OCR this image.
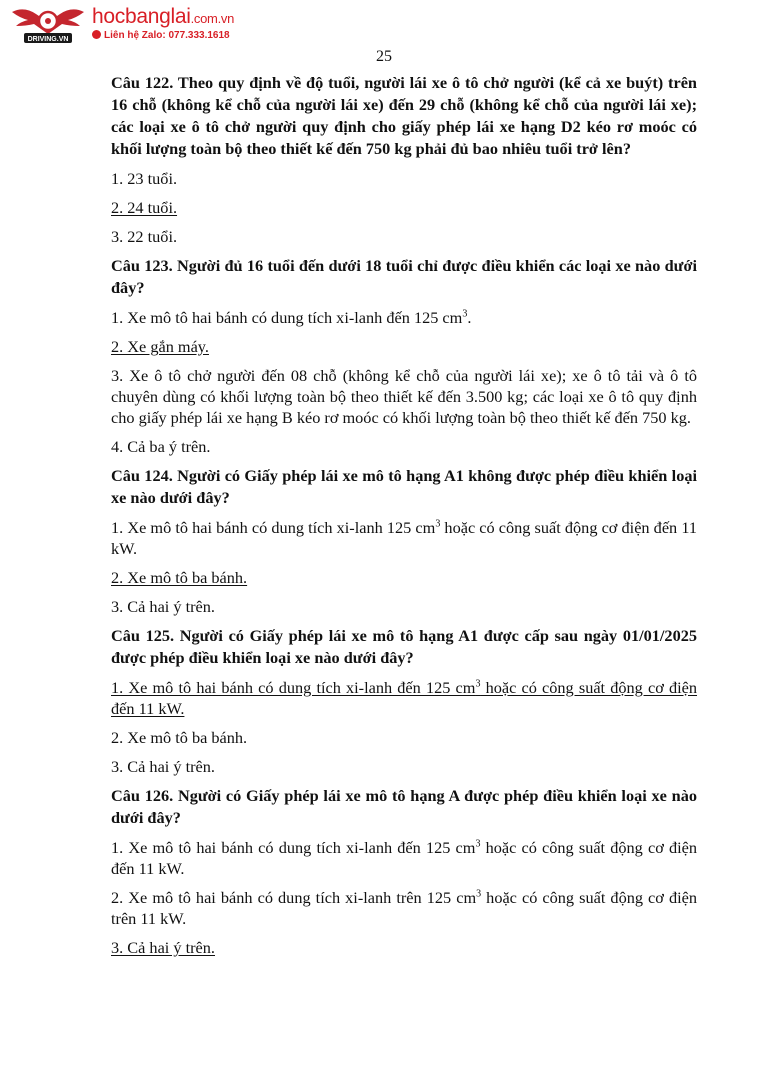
DRIVING.VN
hocbanglai.com.vn
Liên hệ Zalo: 077.333.1618
25

Câu 122. Theo quy định về độ tuổi, người lái xe ô tô chở người (kể cả xe buýt) trên 16 chỗ (không kể chỗ của người lái xe) đến 29 chỗ (không kể chỗ của người lái xe); các loại xe ô tô chở người quy định cho giấy phép lái xe hạng D2 kéo rơ moóc có khối lượng toàn bộ theo thiết kế đến 750 kg phải đủ bao nhiêu tuổi trở lên?

1. 23 tuổi.

2. 24 tuổi.

3. 22 tuổi.

Câu 123. Người đủ 16 tuổi đến dưới 18 tuổi chỉ được điều khiển các loại xe nào dưới đây?

1. Xe mô tô hai bánh có dung tích xi-lanh đến 125 $cm^3$.

2. Xe gắn máy.

3. Xe ô tô chở người đến 08 chỗ (không kể chỗ của người lái xe); xe ô tô tải và ô tô chuyên dùng có khối lượng toàn bộ theo thiết kế đến 3.500 kg; các loại xe ô tô quy định cho giấy phép lái xe hạng B kéo rơ moóc có khối lượng toàn bộ theo thiết kế đến 750 kg.

4. Cả ba ý trên.

Câu 124. Người có Giấy phép lái xe mô tô hạng A1 không được phép điều khiển loại xe nào dưới đây?

1. Xe mô tô hai bánh có dung tích xi-lanh 125 $cm^3$ hoặc có công suất động cơ điện đến 11 kW.

2. Xe mô tô ba bánh.

3. Cả hai ý trên.

Câu 125. Người có Giấy phép lái xe mô tô hạng A1 được cấp sau ngày 01/01/2025 được phép điều khiển loại xe nào dưới đây?

1. Xe mô tô hai bánh có dung tích xi-lanh đến 125 $cm^3$ hoặc có công suất động cơ điện đến 11 kW.

2. Xe mô tô ba bánh.

3. Cả hai ý trên.

Câu 126. Người có Giấy phép lái xe mô tô hạng A được phép điều khiển loại xe nào dưới đây?

1. Xe mô tô hai bánh có dung tích xi-lanh đến 125 $cm^3$ hoặc có công suất động cơ điện đến 11 kW.

2. Xe mô tô hai bánh có dung tích xi-lanh trên 125 $cm^3$ hoặc có công suất động cơ điện trên 11 kW.

3. Cả hai ý trên.
